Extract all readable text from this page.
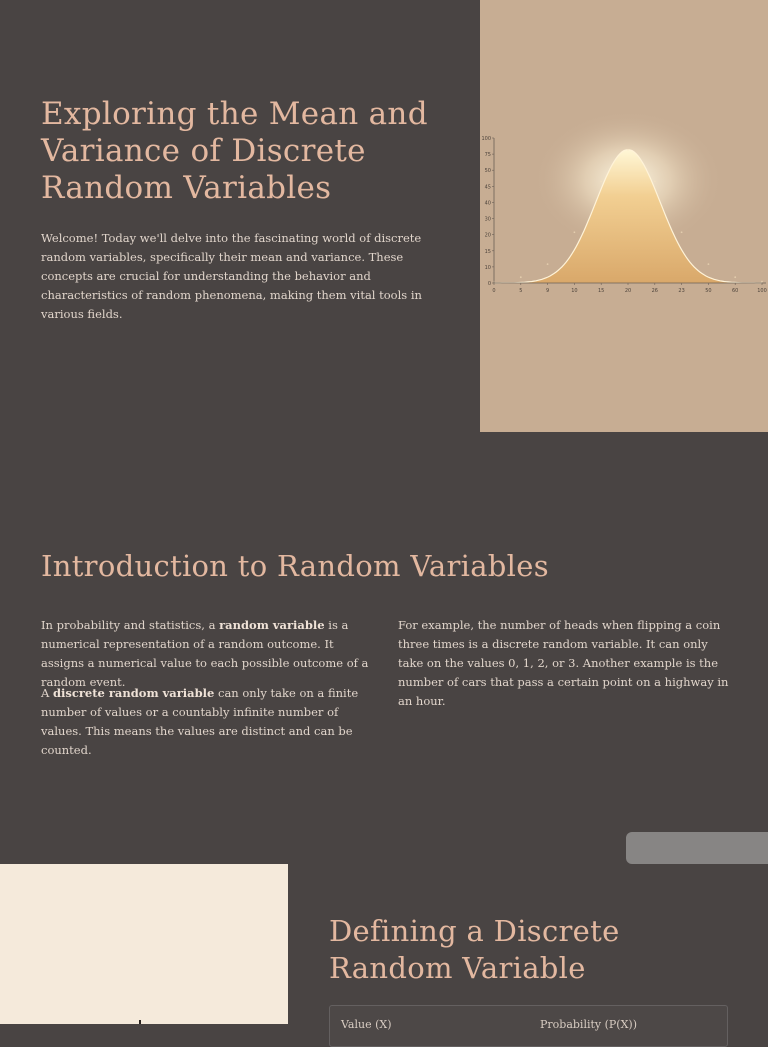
Exploring the Mean and Variance of Discrete Random Variables

Welcome! Today we'll delve into the fascinating world of discrete random variables, specifically their mean and variance. These concepts are crucial for understanding the behavior and characteristics of random phenomena, making them vital tools in various fields.

0
10
15
20
30
40
45
50
75
100
0	5	9	10	15	20	26	23	50	60	100
Introduction to Random Variables

In probability and statistics, a random variable is a numerical representation of a random outcome. It assigns a numerical value to each possible outcome of a random event.

A discrete random variable can only take on a finite number of values or a countably infinite number of values. This means the values are distinct and can be counted.

For example, the number of heads when flipping a coin three times is a discrete random variable. It can only take on the values 0, 1, 2, or 3. Another example is the number of cars that pass a certain point on a highway in an hour.

Defining a Discrete Random Variable
Value (X)	Probability (P(X))
